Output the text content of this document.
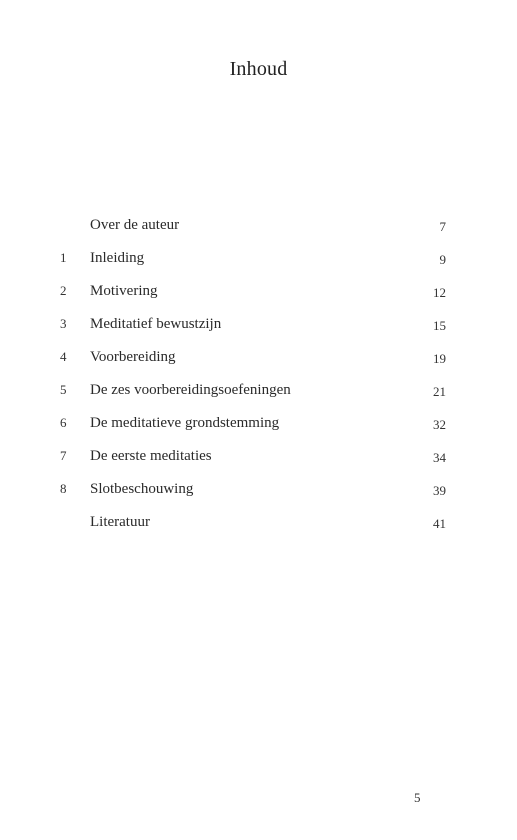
Inhoud
Over de auteur	7
1	Inleiding	9
2	Motivering	12
3	Meditatief bewustzijn	15
4	Voorbereiding	19
5	De zes voorbereidingsoefeningen	21
6	De meditatieve grondstemming	32
7	De eerste meditaties	34
8	Slotbeschouwing	39
Literatuur	41
5
